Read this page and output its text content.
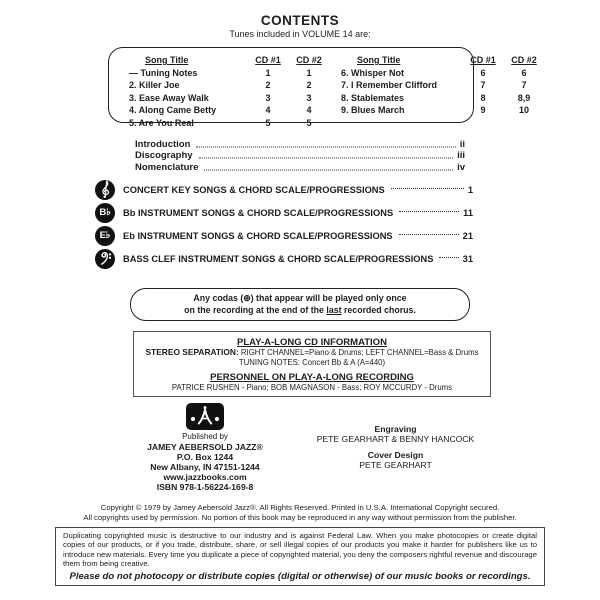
CONTENTS
Tunes included in VOLUME 14 are:
Song Title	CD #1	CD #2
— Tuning Notes	1	1
2. Killer Joe	2	2
3. Ease Away Walk	3	3
4. Along Came Betty	4	4
5. Are You Real	5	5
Song Title	CD #1	CD #2
6. Whisper Not	6	6
7. I Remember Clifford	7	7
8. Stablemates	8	8,9
9. Blues March	9	10
Introduction	ii
Discography	iii
Nomenclature	iv
CONCERT KEY SONGS & CHORD SCALE/PROGRESSIONS	1
B♭ Bb INSTRUMENT SONGS & CHORD SCALE/PROGRESSIONS	11
E♭ Eb INSTRUMENT SONGS & CHORD SCALE/PROGRESSIONS	21
BASS CLEF INSTRUMENT SONGS & CHORD SCALE/PROGRESSIONS	31
Any codas (⊕) that appear will be played only once
on the recording at the end of the last recorded chorus.
PLAY-A-LONG CD INFORMATION
STEREO SEPARATION: RIGHT CHANNEL=Piano & Drums; LEFT CHANNEL=Bass & Drums
TUNING NOTES: Concert Bb & A (A=440)
PERSONNEL ON PLAY-A-LONG RECORDING
PATRICE RUSHEN - Piano; BOB MAGNASON - Bass; ROY MCCURDY - Drums
Published by
JAMEY AEBERSOLD JAZZ®
P.O. Box 1244
New Albany, IN 47151-1244
www.jazzbooks.com
ISBN 978-1-56224-169-8
Engraving
PETE GEARHART & BENNY HANCOCK
Cover Design
PETE GEARHART
Copyright © 1979 by Jamey Aebersold Jazz®. All Rights Reserved. Printed in U.S.A. International Copyright secured.
All copyrights used by permission. No portion of this book may be reproduced in any way without permission from the publisher.
Duplicating copyrighted music is destructive to our industry and is against Federal Law. When you make photocopies or create digital copies of our products, or if you trade, distribute, share, or sell illegal copies of our products you make it harder for publishers like us to introduce new materials. Every time you duplicate a piece of copyrighted material, you deny the composers rightful revenue and discourage them from being creative.
Please do not photocopy or distribute copies (digital or otherwise) of our music books or recordings.
